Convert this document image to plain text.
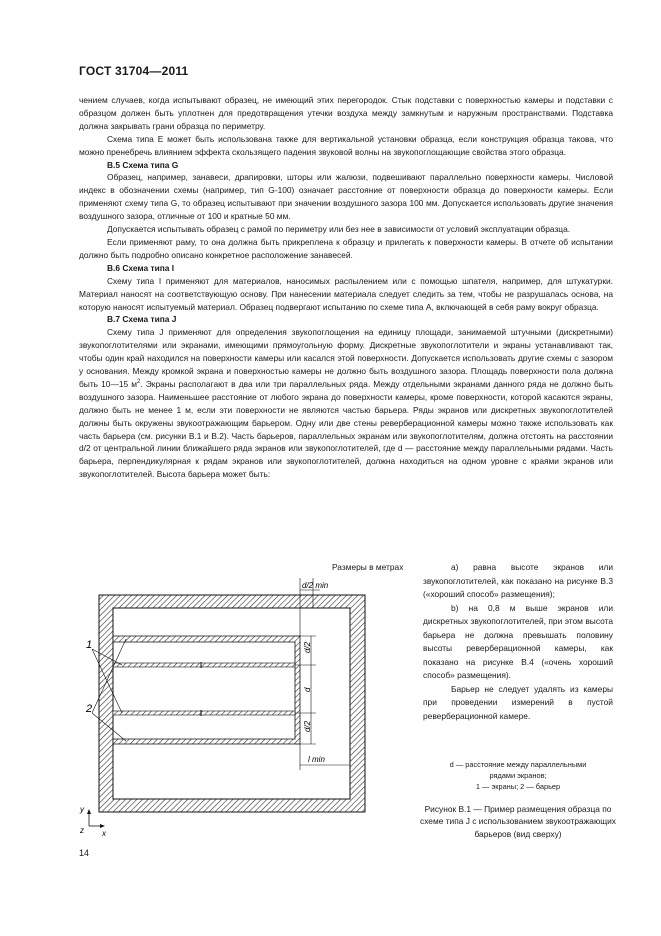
ГОСТ 31704—2011

чением случаев, когда испытывают образец, не имеющий этих перегородок. Стык подставки с поверхностью камеры и подставки с образцом должен быть уплотнен для предотвращения утечки воздуха между замкнутым и наружным пространствами. Подставка должна закрывать грани образца по периметру.

Схема типа Е может быть использована также для вертикальной установки образца, если конструкция образца такова, что можно пренебречь влиянием эффекта скользящего падения звуковой волны на звукопоглощающие свойства этого образца.

В.5 Схема типа G

Образец, например, занавеси, драпировки, шторы или жалюзи, подвешивают параллельно поверхности камеры. Числовой индекс в обозначении схемы (например, тип G-100) означает расстояние от поверхности образца до поверхности камеры. Если применяют схему типа G, то образец испытывают при значении воздушного зазора 100 мм. Допускается использовать другие значения воздушного зазора, отличные от 100 и кратные 50 мм.

Допускается испытывать образец с рамой по периметру или без нее в зависимости от условий эксплуатации образца.

Если применяют раму, то она должна быть прикреплена к образцу и прилегать к поверхности камеры. В отчете об испытании должно быть подробно описано конкретное расположение занавесей.

В.6 Схема типа I

Схему типа I применяют для материалов, наносимых распылением или с помощью шпателя, например, для штукатурки. Материал наносят на соответствующую основу. При нанесении материала следует следить за тем, чтобы не разрушалась основа, на которую наносят испытуемый материал. Образец подвергают испытанию по схеме типа А, включающей в себя раму вокруг образца.

В.7 Схема типа J

Схему типа J применяют для определения звукопоглощения на единицу площади, занимаемой штучными (дискретными) звукопоглотителями или экранами, имеющими прямоугольную форму. Дискретные звукопоглотители и экраны устанавливают так, чтобы один край находился на поверхности камеры или касался этой поверхности. Допускается использовать другие схемы с зазором у основания. Между кромкой экрана и поверхностью камеры не должно быть воздушного зазора. Площадь поверхности пола должна быть 10—15 $м^2$. Экраны располагают в два или три параллельных ряда. Между отдельными экранами данного ряда не должно быть воздушного зазора. Наименьшее расстояние от любого экрана до поверхности камеры, кроме поверхности, которой касаются экраны, должно быть не менее 1 м, если эти поверхности не являются частью барьера. Ряды экранов или дискретных звукопоглотителей должны быть окружены звукоотражающим барьером. Одну или две стены реверберационной камеры можно также использовать как часть барьера (см. рисунки В.1 и В.2). Часть барьеров, параллельных экранам или звукопоглотителям, должна отстоять на расстоянии d/2 от центральной линии ближайшего ряда экранов или звукопоглотителей, где d — расстояние между параллельными рядами. Часть барьера, перпендикулярная к рядам экранов или звукопоглотителей, должна находиться на одном уровне с краями экранов или звукопоглотителей. Высота барьера может быть:

Размеры в метрах
d/2 min
d/2
d
d/2
l min
1
2
y
z x

а) равна высоте экранов или звукопоглотителей, как показано на рисунке В.3 («хороший способ» размещения);

b) на 0,8 м выше экранов или дискретных звукопоглотителей, при этом высота барьера не должна превышать половину высоты реверберационной камеры, как показано на рисунке В.4 («очень хороший способ» размещения).

Барьер не следует удалять из камеры при проведении измерений в пустой реверберационной камере.

d — расстояние между параллельными
рядами экранов;
1 — экраны; 2 — барьер
Рисунок В.1 — Пример размещения образца по схеме типа J с использованием звукоотражающих барьеров (вид сверху)
14
